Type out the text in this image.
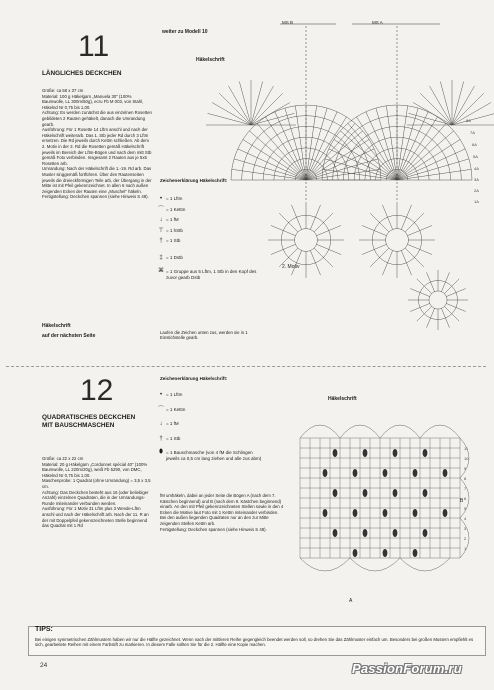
11
LÄNGLICHES DECKCHEN

Größe: ca 58 x 37 cm

Material: 100 g Häkelgarn „Manuela 30" (100% Baumwolle, LL 300m/50g), ecru Fb M 003, von Stahl, Häkelnd Nr 0,75 bis 1,00.

Achtung: Es werden zunächst die aus einzelnen Rosetten gebildeten 2 Rauten gehäkelt, danach die Umrandung gearb.

Ausführung: Für 1 Rosette 14 Lftm anschl und nach der Häkelschrift weiterarb. Das 1. Stb jeder Rd durch 3 Lftm ersetzen. Die Rd jeweils durch Kettm schließen. Ab dem 2. Motiv in der 3. Rd die Rosetten gemäß Häkelschrift jeweils im Bereich der Lftm-Bögen und nach dem mitt Stb gemäß Foto verbinden. Insgesamt 2 Rauten aus je 5x5 Rosetten arb.

Umrandung: Nach der Häkelschrift die 1.-19. Rd arb. Das Muster singgemäß fortführen. Über den Rautenseiten jeweils die dreieckförmigen Teile arb, der Übergang in der Mitte ist mit Pfeil gekennzeichnet. In allen 6 nach außen zeigenden Ecken der Rauten eine „Muschel" häkeln.

Fertigstellung: Deckchen spannen (siehe Hinweis S 48).

Häkelschrift
auf der nächsten Seite
weiter zu Modell 10
Häkelschrift
MS B	MS A
2. Motiv
8A
7A
6A
5A
4A
3A
2A
1A
Zeichenerklärung Häkelschrift:
• = 1 Lftm
⌒ = 1 Kettm
↓ = 1 fM
⊤ = 1 hStb
† = 1 Stb
‡ = 1 Dstb
⌘ = 1 Gruppe aus 5 Lftm, 1 Stb in den Kopf des zuvor gearb Dstb
Laufen die Zeichen unten zus, werden sie in 1 Einstichstelle gearb.
12
QUADRATISCHES DECKCHEN MIT BAUSCHMASCHEN

Größe: ca 22 x 22 cm

Material: 20 g Häkelgarn „Cordonnet spécial 40" (100% Baumwolle, LL 220m/20g), weiß Fb 5290, von DMC, Häkelnd Nr 0,75 bis 1,00.

Maschenprobe: 1 Quadrat (ohne Umrandung) = 3,5 x 3,5 cm.

Achtung: Das Deckchen besteht aus 16 (oder beliebiger Anzahl) einzelnen Quadraten, die in der Umrandungs-Runde miteinander verbunden werden.

Ausführung: Für 1 Motiv 31 Lftm plus 3 Wende-Lftm anschl und nach der Häkelschrift arb. Nach der 11. R an der mit Doppelpfeil gekennzeichneten Stelle beginnend das Quadrat mit 1 Rd

Zeichenerklärung Häkelschrift:
• = 1 Lftm
⌒ = 1 Kettm
↓ = 1 fM
† = 1 Stb
⬮ = 1 Bauschmasche (von 4 fM die Schlingen jeweils ca 0,5 cm lang ziehen und alle zus abm)

fM umhäkeln, dabei an jeder Seite die Bögen A (nach dem 7. Kästchen beginnend) und B (nach dem 9. Kästchen beginnend) einarb. An den mit Pfeil gekennzeichneten Stellen sowie in den 4 Ecken die Motive laut Foto mit 1 Kettm miteinander verbinden. Bei den außen liegenden Quadraten nur an den zur Mitte zeigenden Stellen Kettm arb.

Fertigstellung: Deckchen spannen (siehe Hinweis S 48).

Häkelschrift
A
B
11
10
9
8
7
6
5
4
3
2
1
TIPS:
Bei einigen symmetrischen Zählmustern haben wir nur die Hälfte gezeichnet. Wenn nach der mittleren Reihe gegengleich beendet werden soll, so drehen Sie das Zählmuster einfach um. Besonders bei großen Mustern empfiehlt es sich, gearbeitete Reihen mit einem Farbstift zu markieren. In diesem Falle sollten Sie für die 2. Hälfte eine Kopie machen.
24	PassionForum.ru
